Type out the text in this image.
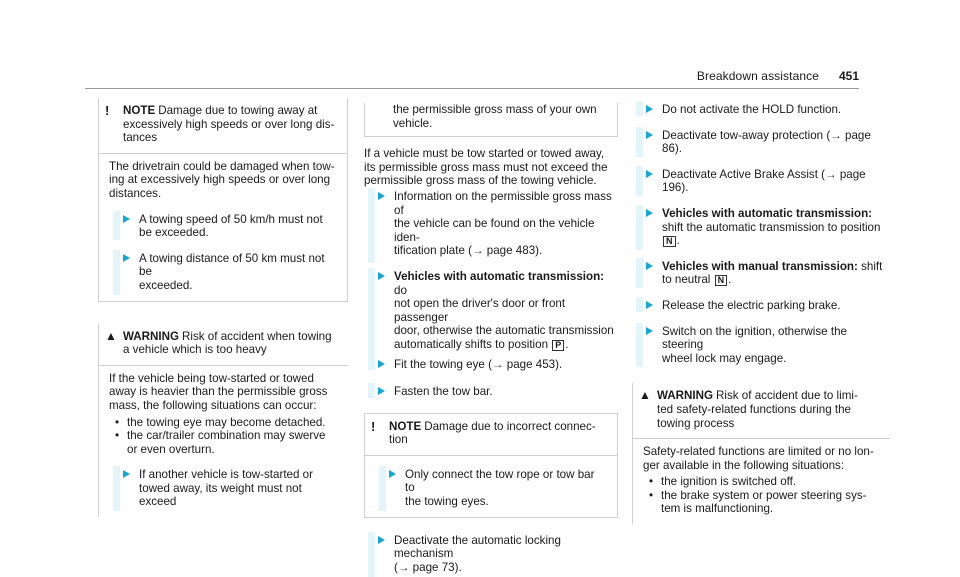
Breakdown assistance 451
! NOTE Damage due to towing away at
excessively high speeds or over long dis-
tances
The drivetrain could be damaged when tow-
ing at excessively high speeds or over long
distances.
A towing speed of 50 km/h must not
be exceeded.
A towing distance of 50 km must not be
exceeded.
▲ WARNING Risk of accident when towing
a vehicle which is too heavy
If the vehicle being tow-started or towed
away is heavier than the permissible gross
mass, the following situations can occur:
• the towing eye may become detached.
• the car/trailer combination may swerve
or even overturn.
If another vehicle is tow-started or
towed away, its weight must not exceed
the permissible gross mass of your own
vehicle.
If a vehicle must be tow started or towed away,
its permissible gross mass must not exceed the
permissible gross mass of the towing vehicle.
Information on the permissible gross mass of
the vehicle can be found on the vehicle iden-
tification plate (→ page 483).
Vehicles with automatic transmission: do
not open the driver's door or front passenger
door, otherwise the automatic transmission
automatically shifts to position P .
Fit the towing eye (→ page 453).
Fasten the tow bar.
! NOTE Damage due to incorrect connec-
tion
Only connect the tow rope or tow bar to
the towing eyes.
Deactivate the automatic locking mechanism
(→ page 73).
Do not activate the HOLD function.
Deactivate tow-away protection (→ page 86).
Deactivate Active Brake Assist (→ page 196).
Vehicles with automatic transmission:
shift the automatic transmission to position
N .
Vehicles with manual transmission: shift
to neutral N .
Release the electric parking brake.
Switch on the ignition, otherwise the steering
wheel lock may engage.
▲ WARNING Risk of accident due to limi-
ted safety-related functions during the
towing process
Safety-related functions are limited or no lon-
ger available in the following situations:
• the ignition is switched off.
• the brake system or power steering sys-
tem is malfunctioning.
